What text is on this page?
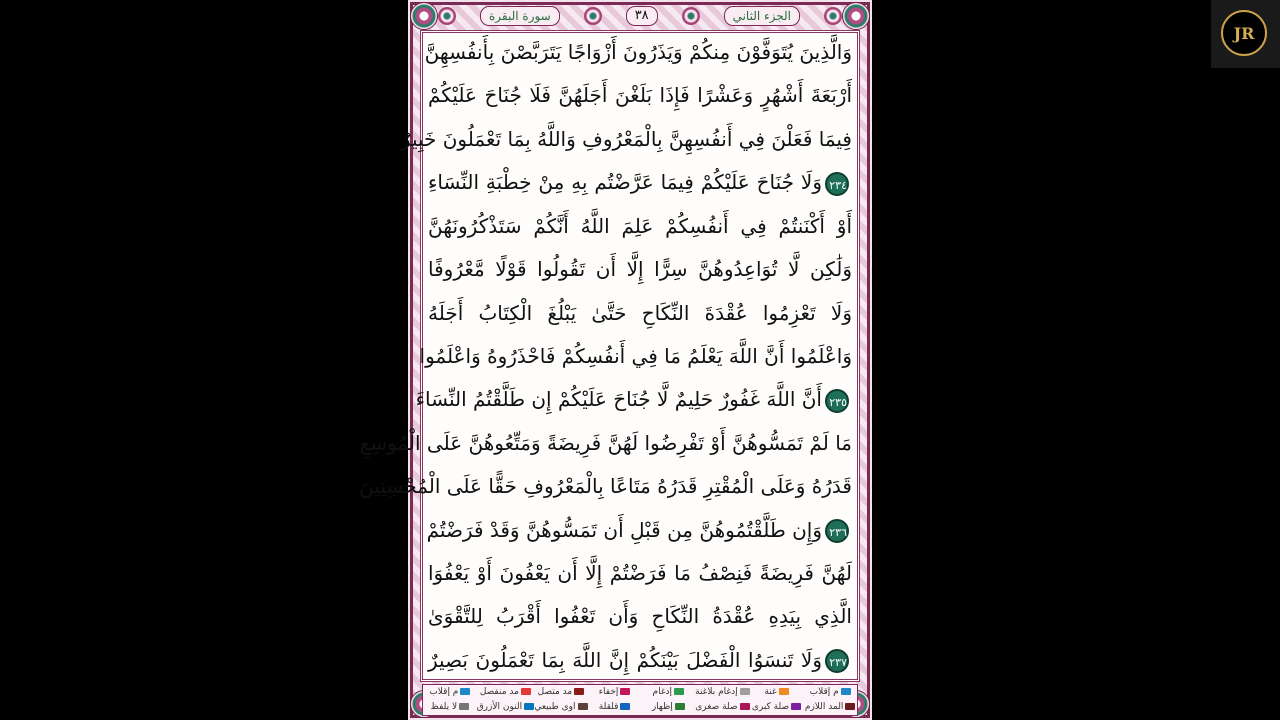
الجزء الثاني
٣٨
سورة البقرة
وَالَّذِينَ يُتَوَفَّوْنَ مِنكُمْ وَيَذَرُونَ أَزْوَاجًا يَتَرَبَّصْنَ بِأَنفُسِهِنَّ
أَرْبَعَةَ أَشْهُرٍ وَعَشْرًا فَإِذَا بَلَغْنَ أَجَلَهُنَّ فَلَا جُنَاحَ عَلَيْكُمْ
فِيمَا فَعَلْنَ فِي أَنفُسِهِنَّ بِالْمَعْرُوفِ وَاللَّهُ بِمَا تَعْمَلُونَ خَبِيرٌ
٢٣٤وَلَا جُنَاحَ عَلَيْكُمْ فِيمَا عَرَّضْتُم بِهِ مِنْ خِطْبَةِ النِّسَاءِ
أَوْ أَكْنَنتُمْ فِي أَنفُسِكُمْ عَلِمَ اللَّهُ أَنَّكُمْ سَتَذْكُرُونَهُنَّ
وَلَٰكِن لَّا تُوَاعِدُوهُنَّ سِرًّا إِلَّا أَن تَقُولُوا قَوْلًا مَّعْرُوفًا
وَلَا تَعْزِمُوا عُقْدَةَ النِّكَاحِ حَتَّىٰ يَبْلُغَ الْكِتَابُ أَجَلَهُ
وَاعْلَمُوا أَنَّ اللَّهَ يَعْلَمُ مَا فِي أَنفُسِكُمْ فَاحْذَرُوهُ وَاعْلَمُوا
٢٣٥أَنَّ اللَّهَ غَفُورٌ حَلِيمٌ لَّا جُنَاحَ عَلَيْكُمْ إِن طَلَّقْتُمُ النِّسَاءَ
مَا لَمْ تَمَسُّوهُنَّ أَوْ تَفْرِضُوا لَهُنَّ فَرِيضَةً وَمَتِّعُوهُنَّ عَلَى الْمُوسِعِ
قَدَرُهُ وَعَلَى الْمُقْتِرِ قَدَرُهُ مَتَاعًا بِالْمَعْرُوفِ حَقًّا عَلَى الْمُحْسِنِينَ
٢٣٦وَإِن طَلَّقْتُمُوهُنَّ مِن قَبْلِ أَن تَمَسُّوهُنَّ وَقَدْ فَرَضْتُمْ
لَهُنَّ فَرِيضَةً فَنِصْفُ مَا فَرَضْتُمْ إِلَّا أَن يَعْفُونَ أَوْ يَعْفُوَا
الَّذِي بِيَدِهِ عُقْدَةُ النِّكَاحِ وَأَن تَعْفُوا أَقْرَبُ لِلتَّقْوَىٰ
٢٣٧وَلَا تَنسَوُا الْفَضْلَ بَيْنَكُمْ إِنَّ اللَّهَ بِمَا تَعْمَلُونَ بَصِيرٌ
م إقلاب
غنة
إدغام بلاغنة
إدغام
إخفاء
مد متصل
مد منفصل
م إقلاب
المد اللازم
صلة كبرى
صلة صغرى
إظهار
قلقلة
اوى طبيعي
النون الأزرق
لا يلفظ
JR
